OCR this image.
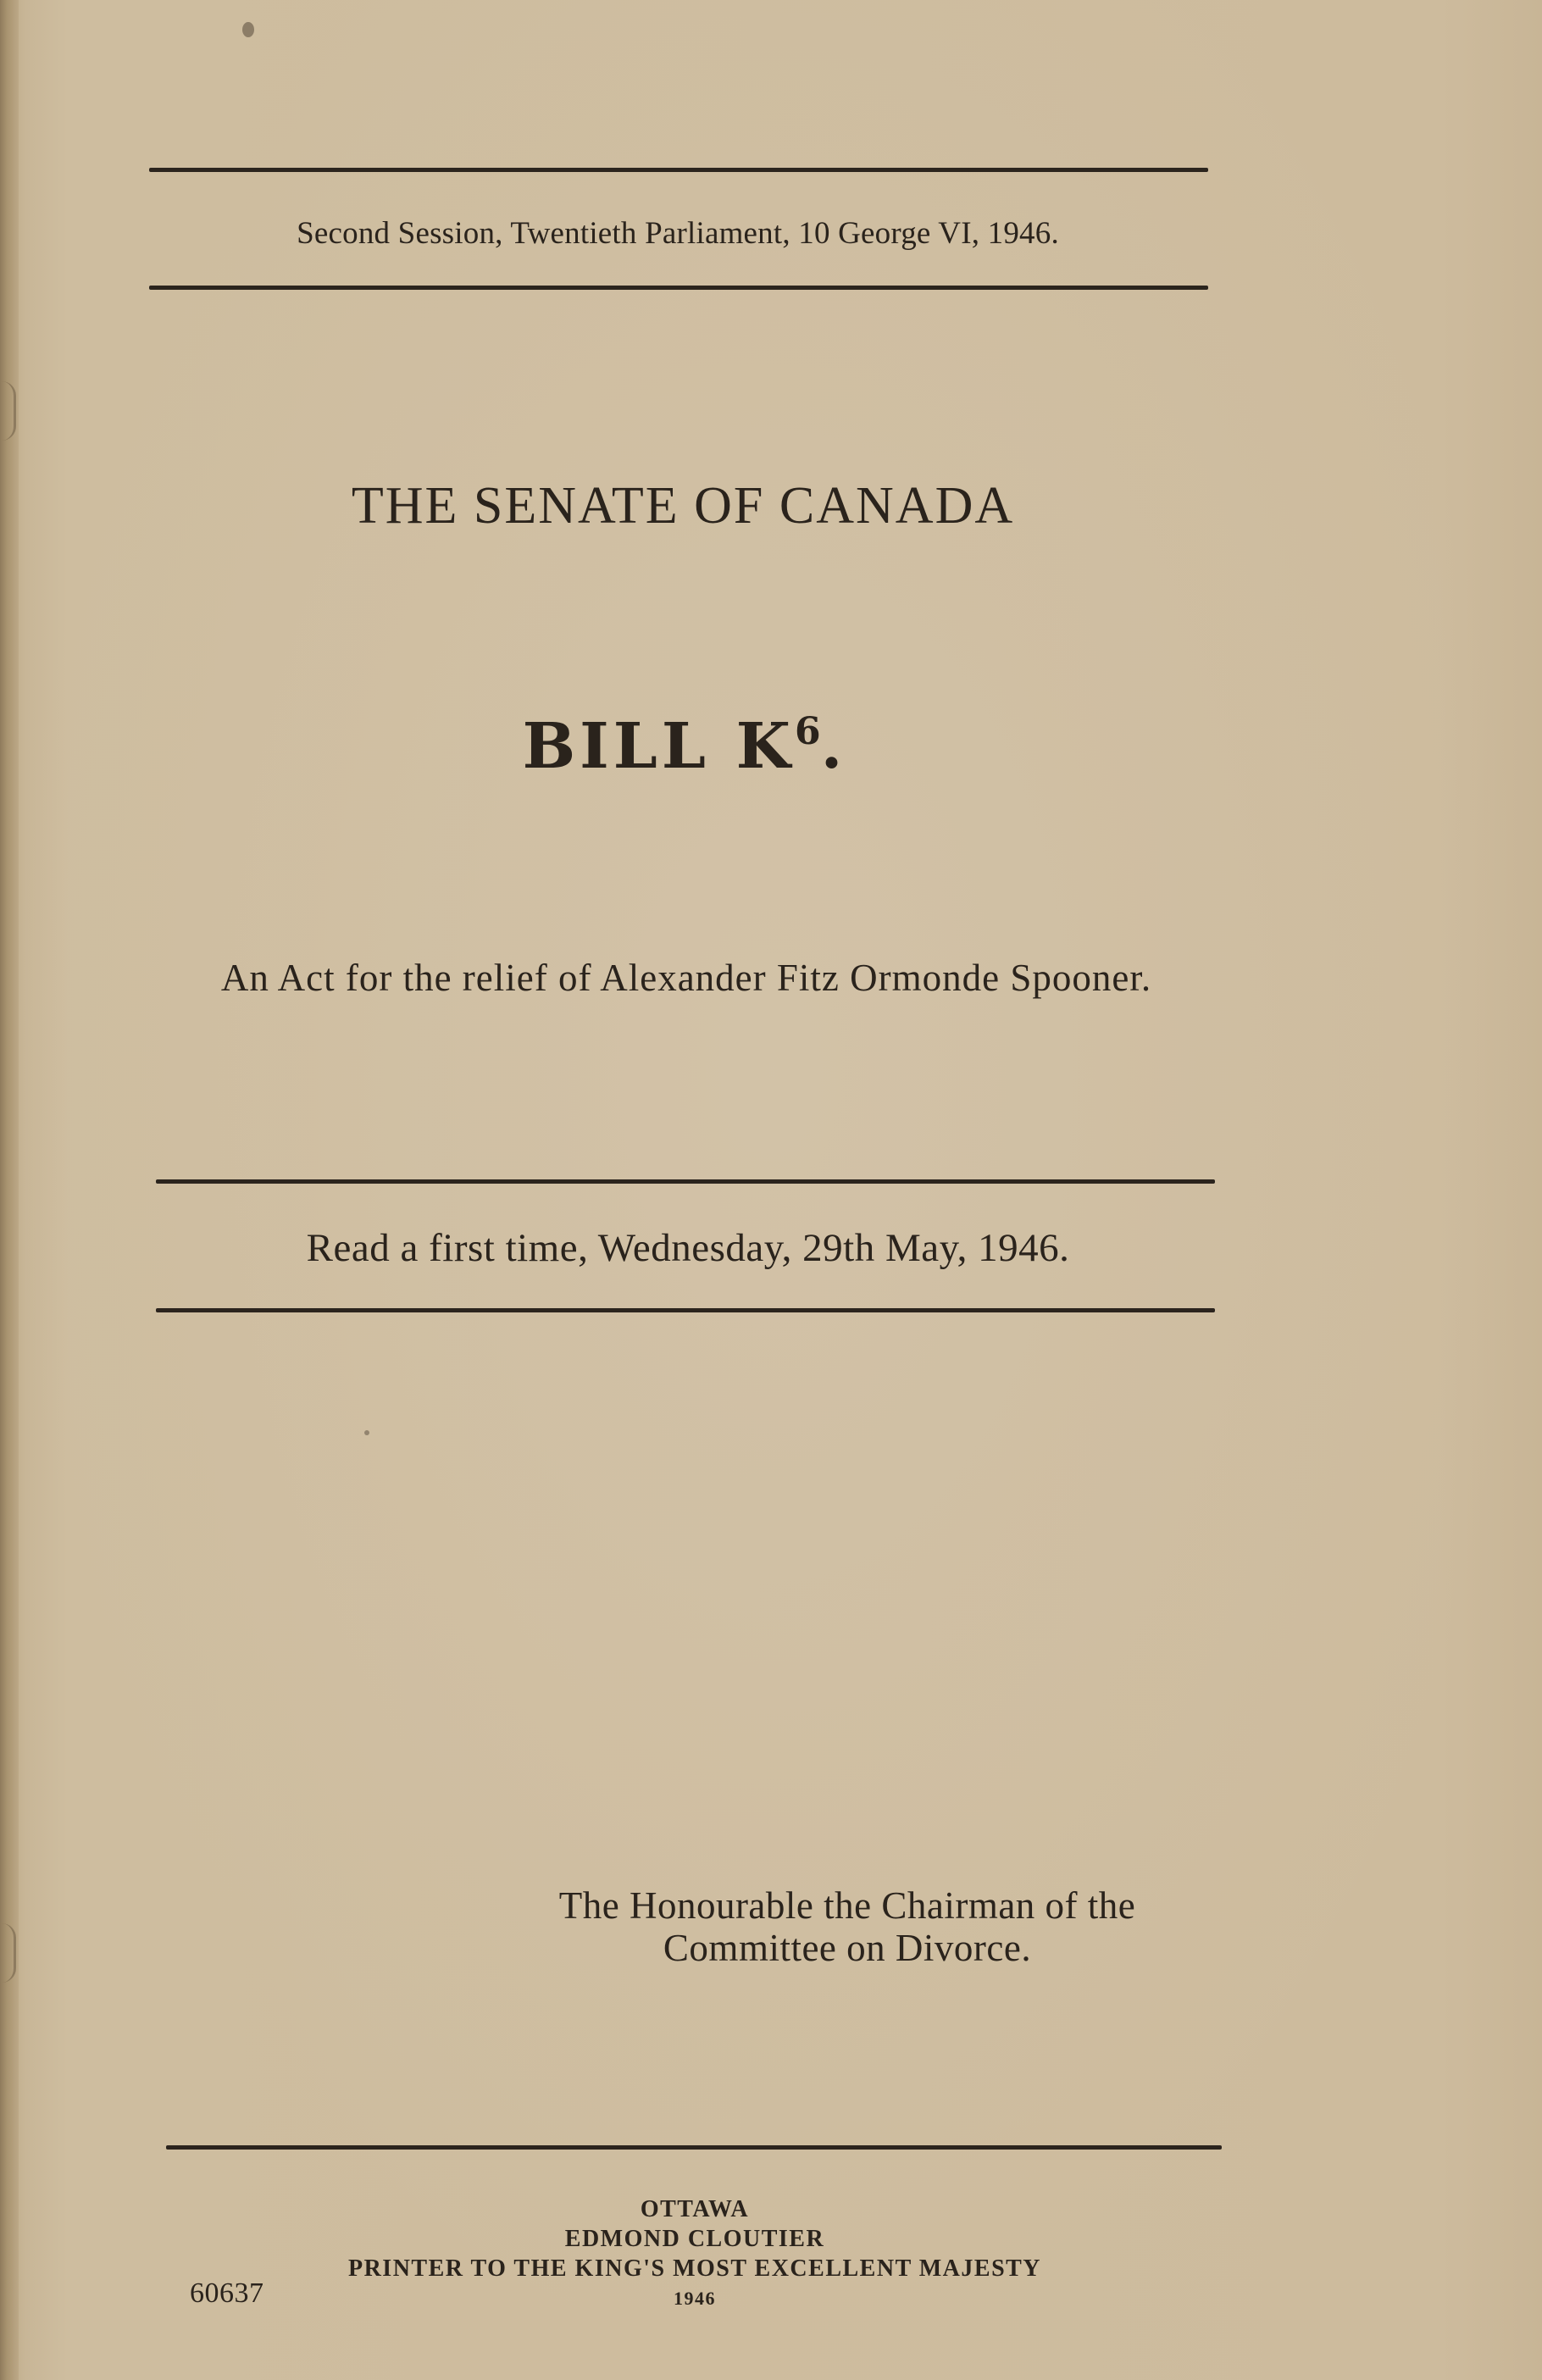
Second Session, Twentieth Parliament, 10 George VI, 1946.
THE SENATE OF CANADA
BILL $K^6$.
An Act for the relief of Alexander Fitz Ormonde Spooner.
Read a first time, Wednesday, 29th May, 1946.
The Honourable the Chairman of the
Committee on Divorce.
OTTAWA
EDMOND CLOUTIER
PRINTER TO THE KING'S MOST EXCELLENT MAJESTY
1946
60637
